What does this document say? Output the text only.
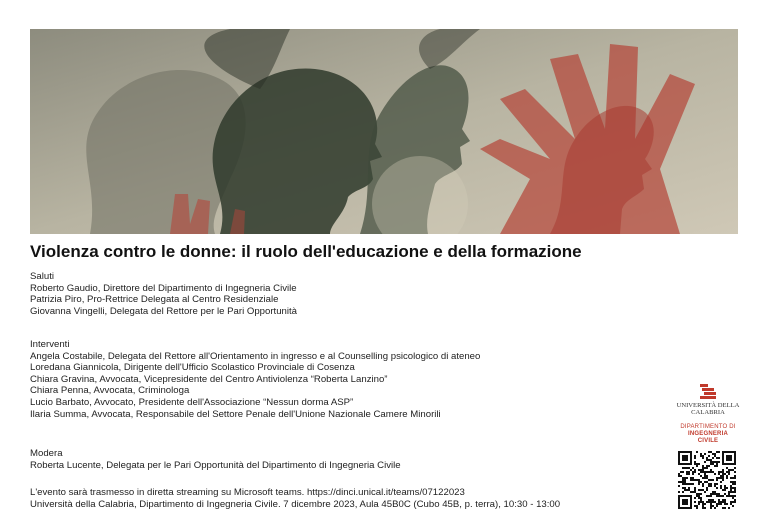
Violenza contro le donne: il ruolo dell'educazione e della formazione
Saluti
Roberto Gaudio, Direttore del Dipartimento di Ingegneria Civile
Patrizia Piro, Pro-Rettrice Delegata al Centro Residenziale
Giovanna Vingelli, Delegata del Rettore per le Pari Opportunità
Interventi
Angela Costabile, Delegata del Rettore all'Orientamento in ingresso e al Counselling psicologico di ateneo
Loredana Giannicola, Dirigente dell'Ufficio Scolastico Provinciale di Cosenza
Chiara Gravina, Avvocata, Vicepresidente del Centro Antiviolenza “Roberta Lanzino”
Chiara Penna, Avvocata, Criminologa
Lucio Barbato, Avvocato, Presidente dell'Associazione “Nessun dorma ASP”
Ilaria Summa, Avvocata, Responsabile del Settore Penale dell'Unione Nazionale Camere Minorili
Modera
Roberta Lucente, Delegata per le Pari Opportunità del Dipartimento di Ingegneria Civile
L'evento sarà trasmesso in diretta streaming su Microsoft teams. https://dinci.unical.it/teams/07122023
Università della Calabria, Dipartimento di Ingegneria Civile. 7 dicembre 2023, Aula 45B0C (Cubo 45B, p. terra), 10:30 - 13:00
UNIVERSITÀ DELLA
CALABRIA
DIPARTIMENTO DI
INGEGNERIA
CIVILE
